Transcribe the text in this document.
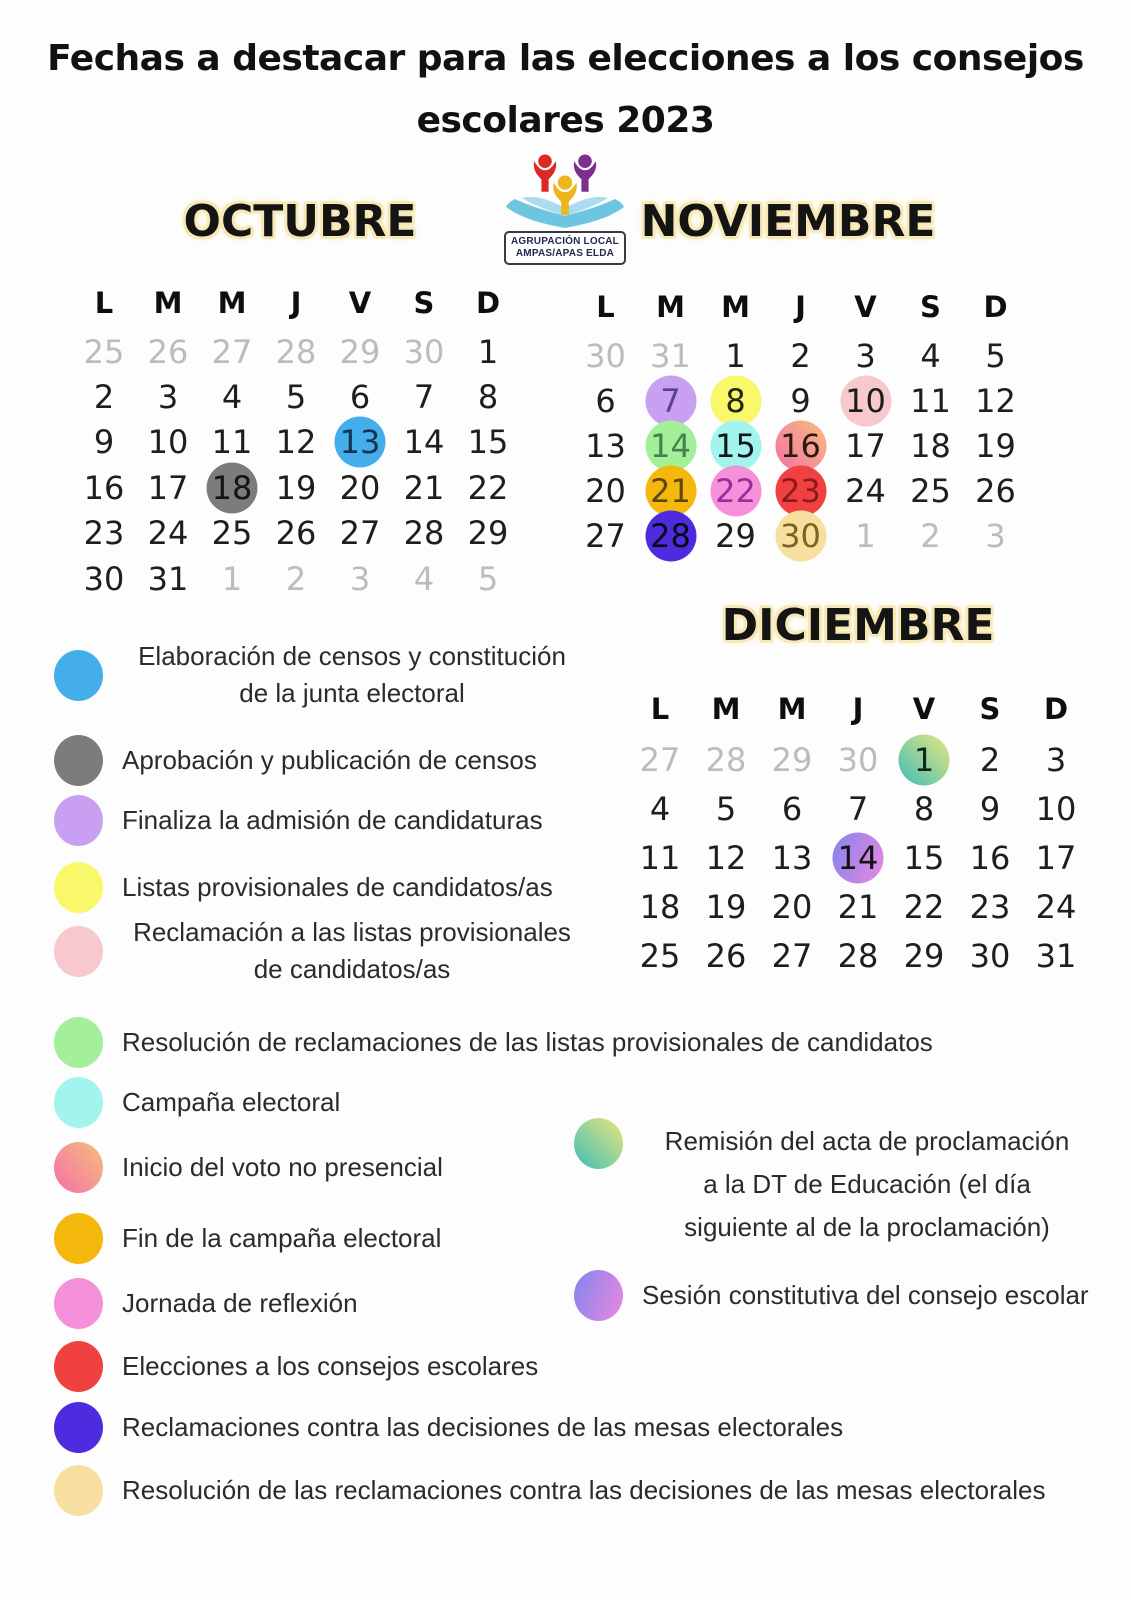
Fechas a destacar para las elecciones a los consejos
escolares 2023
AGRUPACIÓN LOCAL
AMPAS/APAS ELDA
OCTUBRE	NOVIEMBRE
DICIEMBRE
L	M	M	J	V	S	D
25 26 27 28 29 30 1
2 3 4 5 6 7 8
9 10 11 12 13 14 15
16 17 18 19 20 21 22
23 24 25 26 27 28 29
30 31 1 2 3 4 5
L	M	M	J	V	S	D
30 31 1 2 3 4 5
6 7 8 9 10 11 12
13 14 15 16 17 18 19
20 21 22 23 24 25 26
27 28 29 30 1 2 3
L	M	M	J	V	S	D
27 28 29 30 1 2 3
4 5 6 7 8 9 10
11 12 13 14 15 16 17
18 19 20 21 22 23 24
25 26 27 28 29 30 31
Elaboración de censos y constitución
de la junta electoral
Aprobación y publicación de censos
Finaliza la admisión de candidaturas
Listas provisionales de candidatos/as
Reclamación a las listas provisionales
de candidatos/as
Resolución de reclamaciones de las listas provisionales de candidatos
Campaña electoral
Inicio del voto no presencial
Fin de la campaña electoral
Jornada de reflexión
Elecciones a los consejos escolares
Reclamaciones contra las decisiones de las mesas electorales
Resolución de las reclamaciones contra las decisiones de las mesas electorales
Remisión del acta de proclamación
a la DT de Educación (el día
siguiente al de la proclamación)
Sesión constitutiva del consejo escolar
